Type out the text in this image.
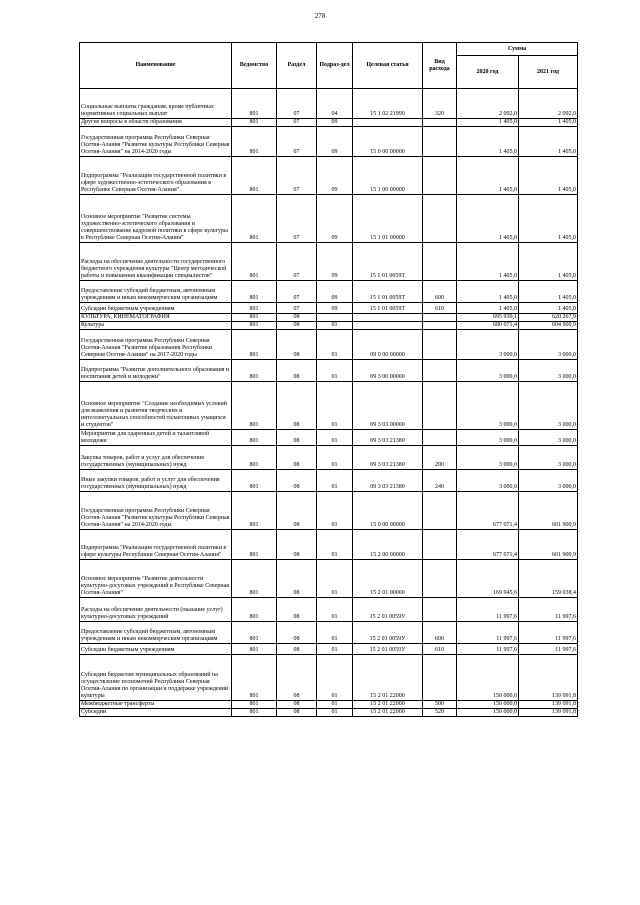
278
Наименование	Ведомство	Раздел	Подраз-дел	Целевая статья	Вид расхода	Сумма	
						2020 год	2021 год
Социальные выплаты гражданам, кроме публичных нормативных социальных выплат	801	07	04	15 1 02 21990	320	2 092,0	2 092,0
Другие вопросы в области образования	801	07	09			1 405,0	1 405,0
Государственная программа Республики Северная Осетия-Алания "Развитие культуры Республики Северная Осетия-Алания" на 2014-2020 годы	801	07	09	15 0 00 00000		1 405,0	1 405,0
Подпрограмма "Реализация государственной политики в сфере художественно-эстетического образования в Республике Северная Осетия-Алания"	801	07	09	15 1 00 00000		1 405,0	1 405,0
Основное мероприятие "Развитие системы художественно-эстетического образования и совершенствование кадровой политики в сфере культуры в Республике Северная Осетия-Алания"	801	07	09	15 1 01 00000		1 405,0	1 405,0
Расходы на обеспечение деятельности государственного бюджетного учреждения культуры "Центр методической работы и повышения квалификации специалистов"	801	07	09	15 1 01 0059T		1 405,0	1 405,0
Предоставление субсидий бюджетным, автономным учреждениям и иным некоммерческим организациям	801	07	09	15 1 01 0059T	600	1 405,0	1 405,0
Субсидии бюджетным учреждениям	801	07	09	15 1 01 0059T	610	1 405,0	1 405,0
КУЛЬТУРА, КИНЕМАТОГРАФИЯ	801	08				695 930,1	620 267,9
Культура	801	08	01			680 071,4	604 900,9
Государственная программа Республики Северная Осетия-Алания "Развитие образования Республики Северная Осетия-Алания" на 2017-2020 годы	801	08	01	09 0 00 00000		3 000,0	3 000,0
Подпрограмма "Развитие дополнительного образования и воспитания детей и молодежи"	801	08	01	09 3 00 00000		3 000,0	3 000,0
Основное мероприятие "Создание необходимых условий для выявления и развития творческих и интеллектуальных способностей талантливых учащихся и студентов"	801	08	01	09 3 03 00000		3 000,0	3 000,0
Мероприятия для одаренных детей и талантливой молодежи	801	08	01	09 3 03 21380		3 000,0	3 000,0
Закупка товаров, работ и услуг для обеспечения государственных (муниципальных) нужд	801	08	01	09 3 03 21380	200	3 000,0	3 000,0
Иные закупки товаров, работ и услуг для обеспечения государственных (муниципальных) нужд	801	08	01	09 3 03 21380	240	3 000,0	3 000,0
Государственная программа Республики Северная Осетия-Алания "Развитие культуры Республики Северная Осетия-Алания" на 2014-2020 годы	801	08	01	15 0 00 00000		677 071,4	601 900,9
Подпрограмма "Реализация государственной политики в сфере культуры Республики Северная Осетия-Алания"	801	08	01	15 2 00 00000		677 071,4	601 900,9
Основное мероприятие "Развитие деятельности культурно-досуговых учреждений в Республике Северная Осетия-Алания"	801	08	01	15 2 01 00000		169 945,6	159 038,4
Расходы на обеспечение деятельности (оказание услуг) культурно-досуговых учреждений	801	08	01	15 2 01 0059У		11 997,6	11 997,6
Предоставление субсидий бюджетным, автономным учреждениям и иным некоммерческим организациям	801	08	01	15 2 01 0059У	600	11 997,6	11 997,6
Субсидии бюджетным учреждениям	801	08	01	15 2 01 0059У	610	11 997,6	11 997,6
Субсидии бюджетам муниципальных образований на осуществление полномочий Республики Северная Осетия-Алания по организации и поддержке учреждений культуры	801	08	01	15 2 01 22000		150 000,0	139 091,8
Межбюджетные трансферты	801	08	01	15 2 01 22000	500	150 000,0	139 091,8
Субсидии	801	08	01	15 2 01 22000	520	150 000,0	139 091,8
